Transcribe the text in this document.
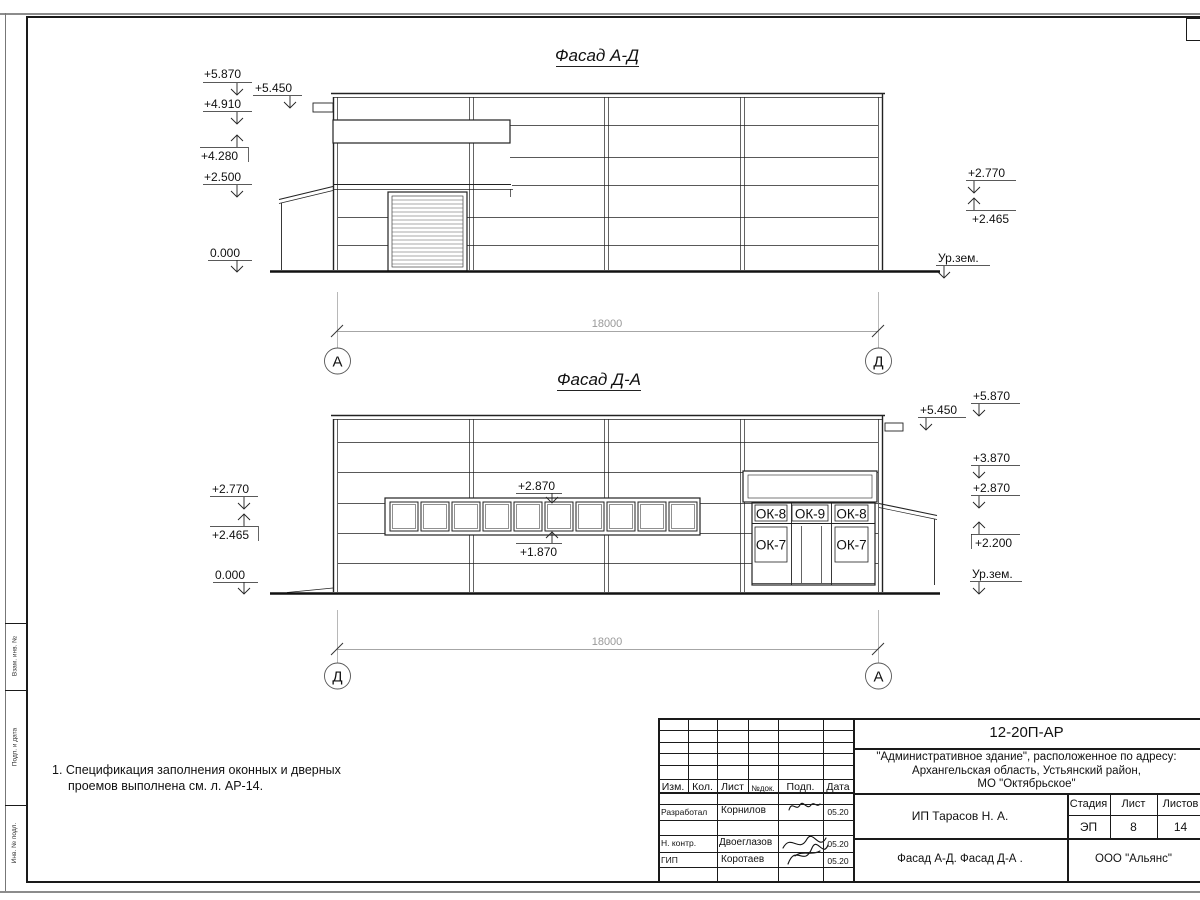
+5.870
+5.450
+4.910
+4.280
+2.500
0.000
+2.770
+2.465
Ур.зем.
18000
А	Д
Фасад А-Д
ОК-8 ОК-9 ОК-8
ОК-7	ОК-7
+2.770
+2.465
0.000
+2.870
+1.870
+5.870
+5.450
+3.870
+2.870
+2.200
Ур.зем.
18000
Д	А
Фасад Д-А
Взам. инв. №
Подп. и дата
Инв. № подл.
1. Спецификация заполнения оконных и дверных
проемов выполнена см. л. АР-14.	Изм. Кол. Лист №док.	Подп.	Дата
Разработал	Корнилов	05.20
Н. контр.	Двоеглазов	05.20
ГИП	Коротаев	05.20
12-20П-АР
"Административное здание", расположенное по адресу:
Архангельская область, Устьянский район,
МО "Октябрьское"
ИП Тарасов Н. А.
Стадия	Лист	Листов
ЭП	8	14
Фасад А-Д. Фасад Д-А .	ООО "Альянс"
